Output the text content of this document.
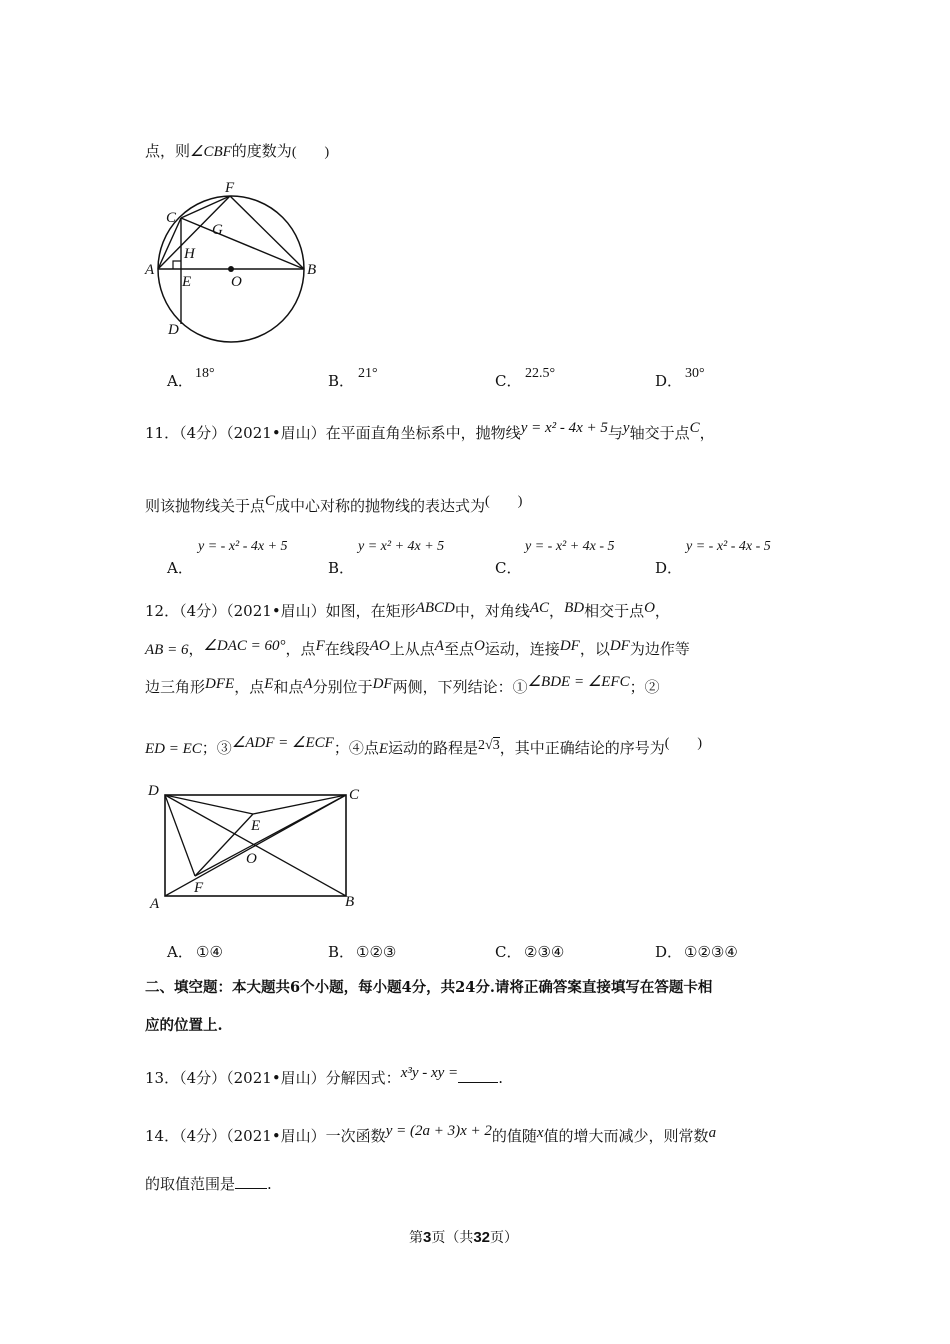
点，则∠CBF的度数为(　　)
C
F
G
H
A
E	O
B
D
A． 18°	B． 21°	C． 22.5°	D． 30°
11．（4分）（2021•眉山）在平面直角坐标系中，抛物线y = x² - 4x + 5与y轴交于点C，
则该抛物线关于点C成中心对称的抛物线的表达式为(　　)
A．
y = - x² - 4x + 5
B．
y = x² + 4x + 5
C．
y = - x² + 4x - 5
D．
y = - x² - 4x - 5
12．（4分）（2021•眉山）如图，在矩形ABCD中，对角线AC，BD相交于点O，
AB = 6，∠DAC = 60°，点F在线段AO上从点A至点O运动，连接DF，以DF为边作等
边三角形DFE，点E和点A分别位于DF两侧，下列结论：①∠BDE = ∠EFC；②
ED = EC；③∠ADF = ∠ECF；④点E运动的路程是2√3，其中正确结论的序号为(　　)
D	C
E
O
F
A	B
A． ①④	B． ①②③	C． ②③④	D． ①②③④
二、填空题：本大题共6个小题，每小题4分，共24分.请将正确答案直接填写在答题卡相
应的位置上.
13．（4分）（2021•眉山）分解因式：x³y - xy =	.
14．（4分）（2021•眉山）一次函数y = (2a + 3)x + 2的值随x值的增大而减少，则常数a
的取值范围是 .
第3页（共32页）
